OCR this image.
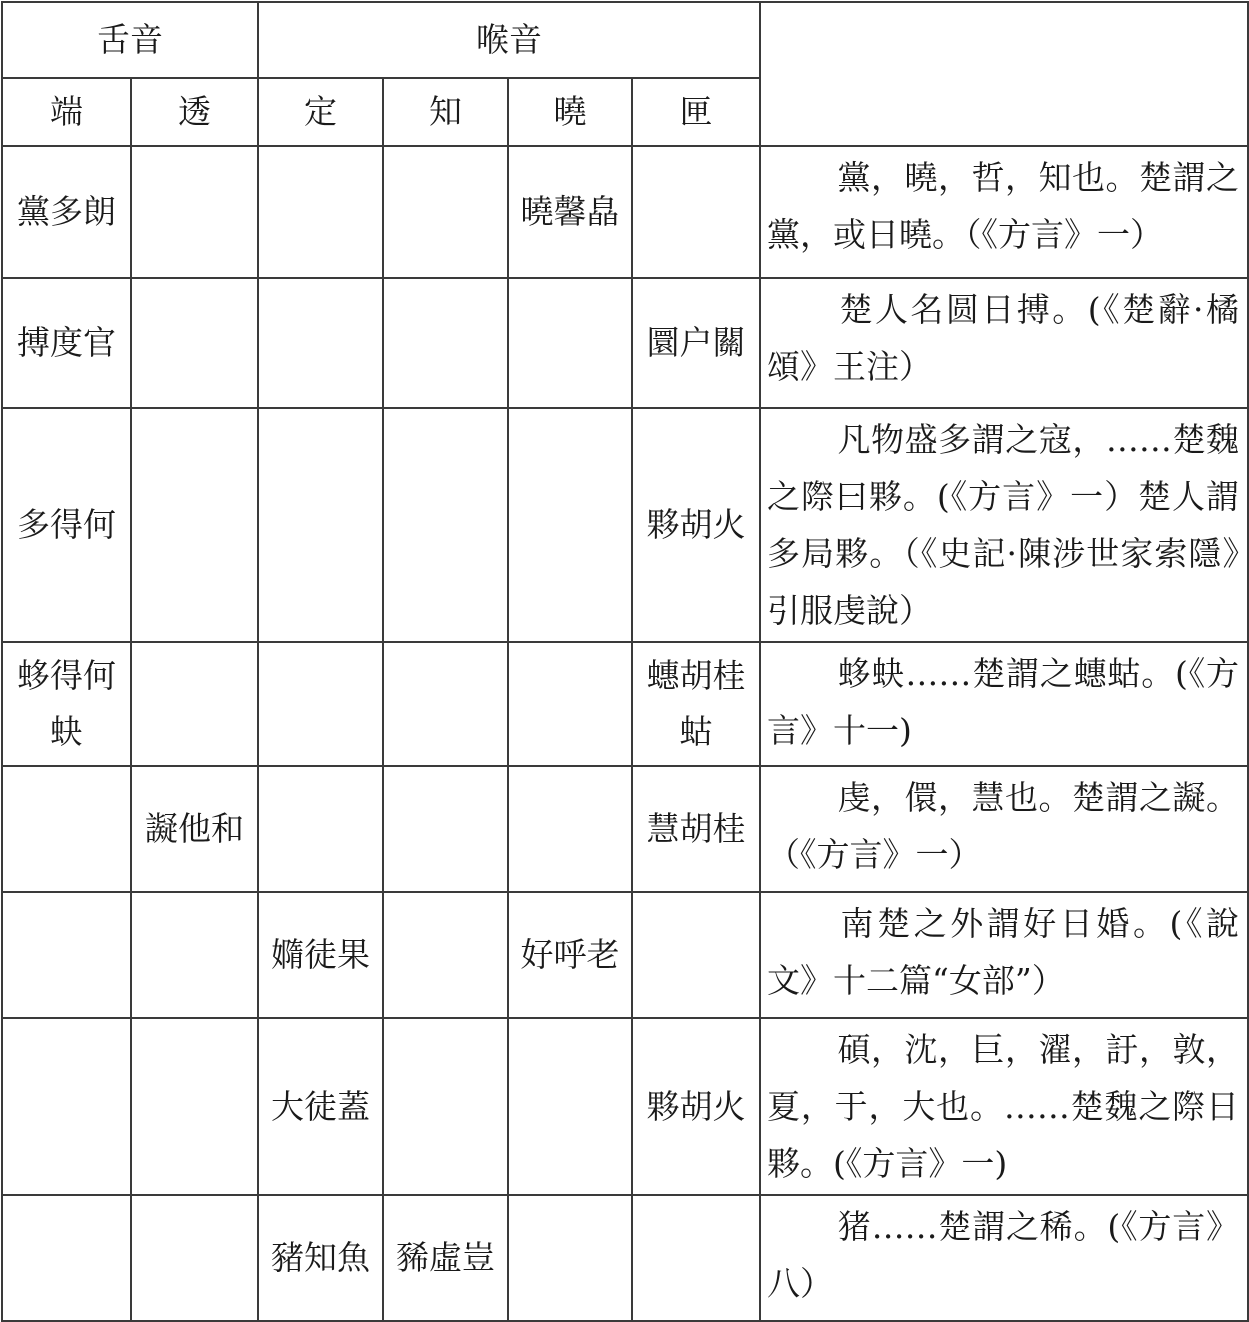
舌音		喉音				
端	透	定	知	曉	匣	
黨多朗				曉馨皛		黨，曉，哲，知也。楚謂之黨，或日曉。（《方言》一）
搏度官					圜户關	楚人名圆日搏。(《楚辭·橘頌》王注）
多得何					夥胡火	凡物盛多謂之寇，……楚魏之際曰夥。(《方言》一）楚人謂多局夥。（《史記·陳涉世家索隱》引服虔說）
蛥得何蚗					蟪胡桂蛄	蛥蚗……楚謂之蟪蛄。(《方言》十一)
	譺他和				慧胡桂	虔，儇，慧也。楚謂之譺。（《方言》一）
		嫷徒果		好呼老		南楚之外謂好日婚。(《說文》十二篇“女部”）
		大徒蓋			夥胡火	碩，沈，巨，濯，訏，敦，夏，于，大也。……楚魏之際日夥。(《方言》一)
		豬知魚	豨虛豈			猪……楚謂之稀。(《方言》八）
